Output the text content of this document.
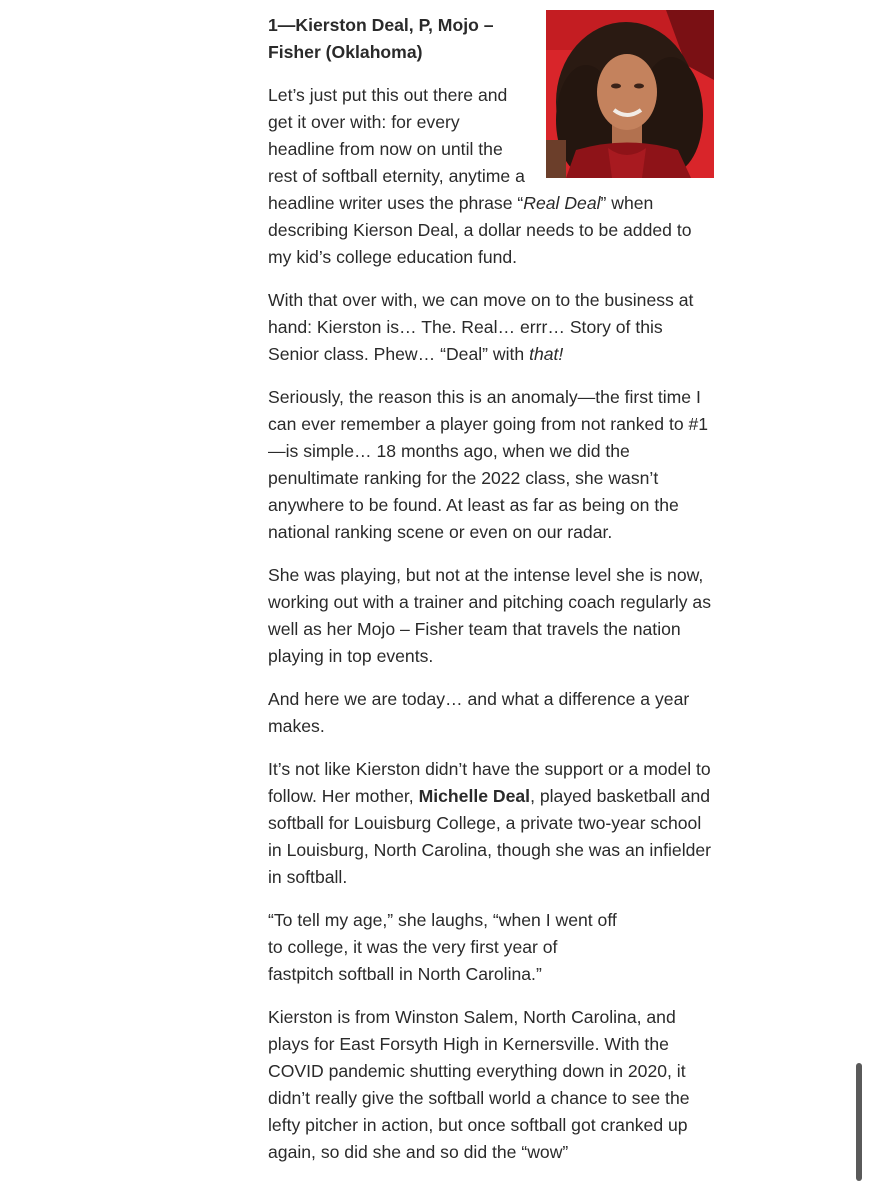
1—Kierston Deal, P, Mojo – Fisher (Oklahoma)

Let’s just put this out there and get it over with: for every headline from now on until the rest of softball eternity, anytime a headline writer uses the phrase “Real Deal” when describing Kierson Deal, a dollar needs to be added to my kid’s college education fund.

With that over with, we can move on to the business at hand: Kierston is… The. Real… errr… Story of this Senior class. Phew… “Deal” with that!

Seriously, the reason this is an anomaly—the first time I can ever remember a player going from not ranked to #1—is simple… 18 months ago, when we did the penultimate ranking for the 2022 class, she wasn’t anywhere to be found. At least as far as being on the national ranking scene or even on our radar.

She was playing, but not at the intense level she is now, working out with a trainer and pitching coach regularly as well as her Mojo – Fisher team that travels the nation playing in top events.

And here we are today… and what a difference a year makes.

It’s not like Kierston didn’t have the support or a model to follow. Her mother, Michelle Deal, played basketball and softball for Louisburg College, a private two-year school in Louisburg, North Carolina, though she was an infielder in softball.

“To tell my age,” she laughs, “when I went off to college, it was the very first year of fastpitch softball in North Carolina.”

Kierston is from Winston Salem, North Carolina, and plays for East Forsyth High in Kernersville. With the COVID pandemic shutting everything down in 2020, it didn’t really give the softball world a chance to see the lefty pitcher in action, but once softball got cranked up again, so did she and so did the “wow”
